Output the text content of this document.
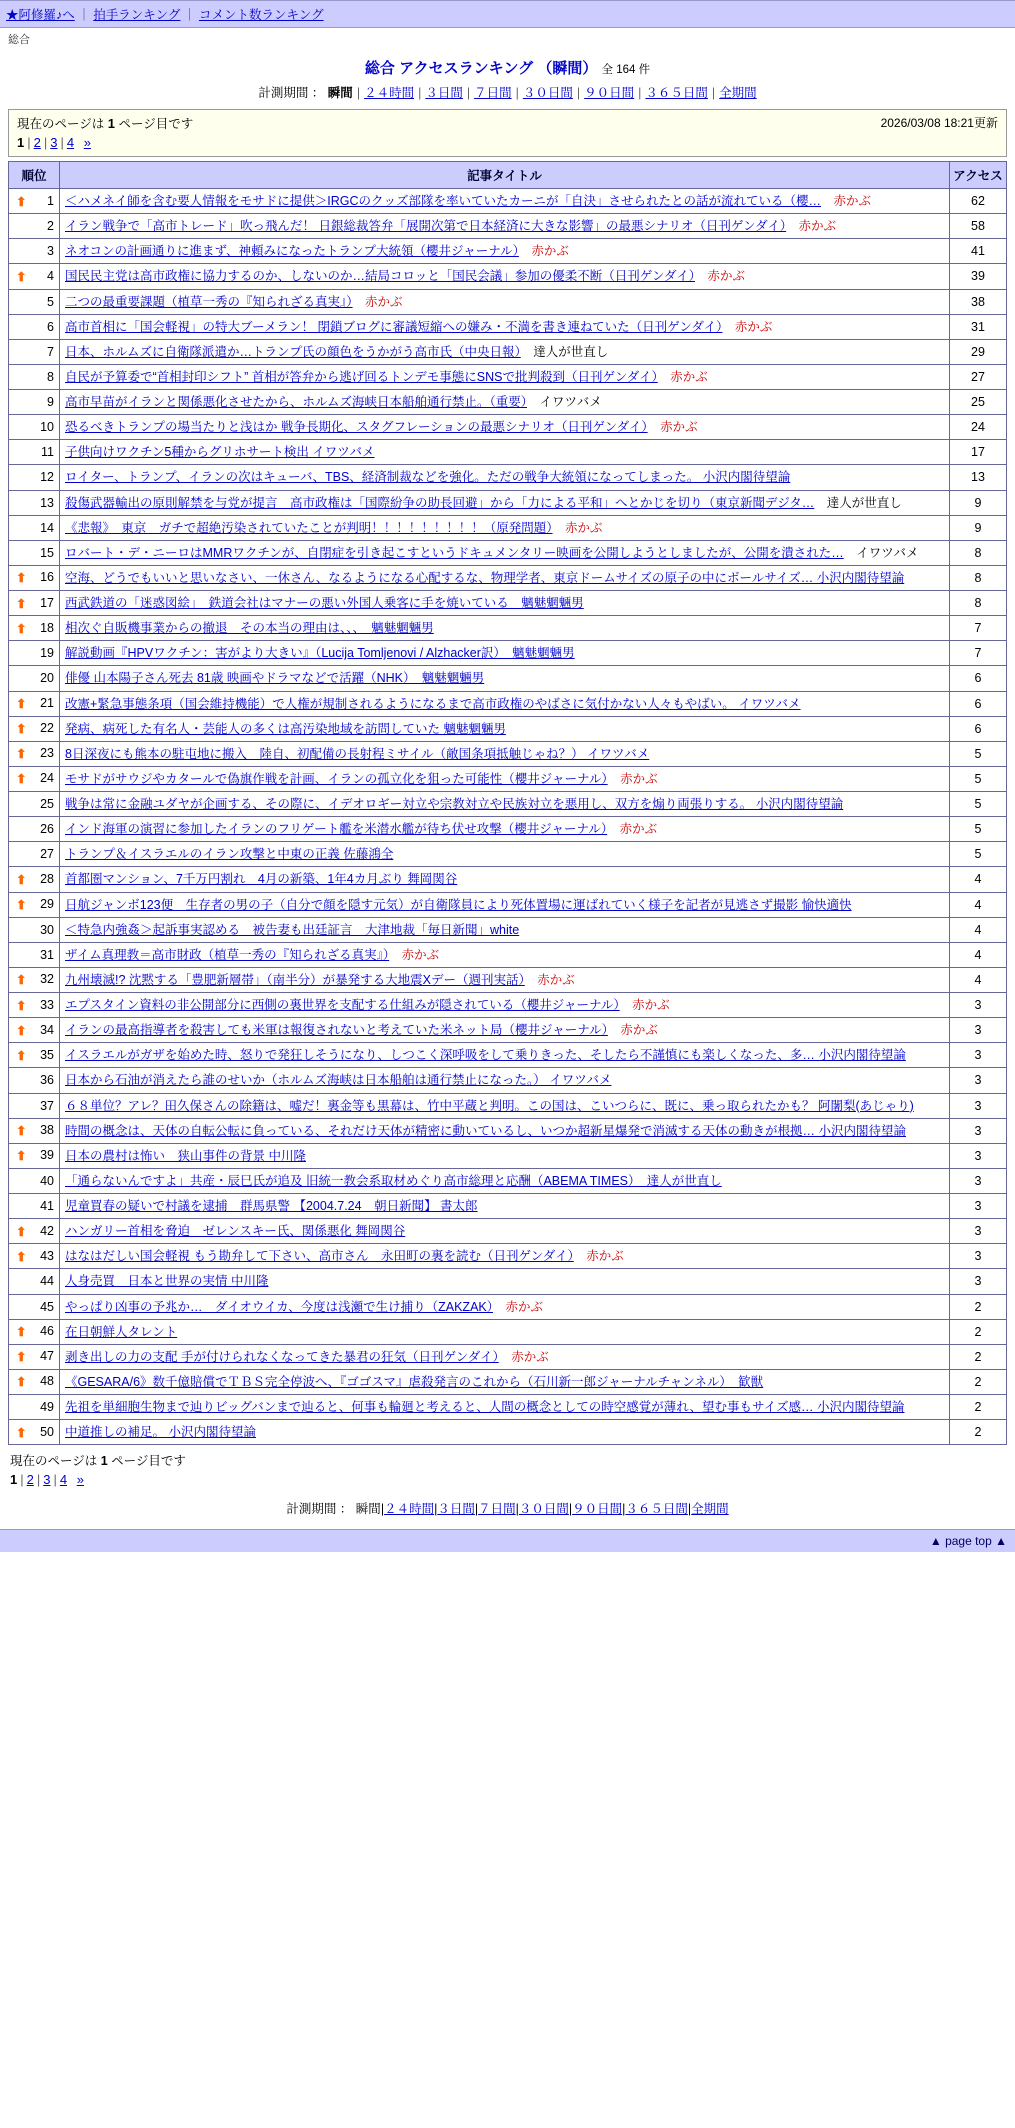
★阿修羅♪へ ｜ 拍手ランキング ｜ コメント数ランキング
総合
総合 アクセスランキング （瞬間） 全 164 件
計測期間 ： 瞬間 | ２４時間 | ３日間 | ７日間 | ３０日間 | ９０日間 | ３６５日間 | 全期間
2026/03/08 18:21更新
現在のページは 1 ページ目です
1 | 2 | 3 | 4 »
順位	記事タイトル	アクセス

⬆ 1	＜ハメネイ師を含む要人情報をモサドに提供＞IRGCのクッズ部隊を率いていたカーニが「自決」させられたとの話が流れている（櫻…　赤かぶ	62
2	イラン戦争で「高市トレード」吹っ飛んだ！ 日銀総裁答弁「展開次第で日本経済に大きな影響」の最悪シナリオ（日刊ゲンダイ）　赤かぶ	58
3	ネオコンの計画通りに進まず、神頼みになったトランプ大統領（櫻井ジャーナル）　赤かぶ	41

⬆ 4	国民民主党は高市政権に協力するのか、しないのか…結局コロッと「国民会議」参加の優柔不断（日刊ゲンダイ）　赤かぶ	39
5	二つの最重要課題（植草一秀の『知られざる真実』）　赤かぶ	38
6	高市首相に「国会軽視」の特大ブーメラン！ 閉鎖ブログに審議短縮への嫌み・不満を書き連ねていた（日刊ゲンダイ）　赤かぶ	31
7	日本、ホルムズに自衛隊派遣か…トランプ氏の顔色をうかがう高市氏（中央日報）　達人が世直し	29
8	自民が予算委で“首相封印シフト” 首相が答弁から逃げ回るトンデモ事態にSNSで批判殺到（日刊ゲンダイ）　赤かぶ	27
9	高市早苗がイランと関係悪化させたから、ホルムズ海峡日本船舶通行禁止。（重要）　イワツバメ	25
10	恐るべきトランプの場当たりと浅はか 戦争長期化、スタグフレーションの最悪シナリオ（日刊ゲンダイ）　赤かぶ	24
11	子供向けワクチン5種からグリホサート検出 イワツバメ	17
12	ロイター、トランプ、イランの次はキューバ、TBS、経済制裁などを強化。ただの戦争大統領になってしまった。 小沢内閣待望論	13
13	殺傷武器輸出の原則解禁を与党が提言　高市政権は「国際紛争の助長回避」から「力による平和」へとかじを切り（東京新聞デジタ…　達人が世直し	9
14	《悲報》　東京　ガチで超絶汚染されていたことが判明！！！！！！！！！（原発問題）　赤かぶ	9
15	ロバート・デ・ニーロはMMRワクチンが、自閉症を引き起こすというドキュメンタリー映画を公開しようとしましたが、公開を潰された…　イワツバメ	8

⬆ 16	空海、どうでもいいと思いなさい、一休さん、なるようになる心配するな、物理学者、東京ドームサイズの原子の中にボールサイズ… 小沢内閣待望論	8

⬆ 17	西武鉄道の「迷惑図絵」　鉄道会社はマナーの悪い外国人乗客に手を焼いている　魑魅魍魎男	8

⬆ 18	相次ぐ自販機事業からの撤退　その本当の理由は、、、　魑魅魍魎男	7
19	解説動画『HPVワクチン：害がより大きい』（Lucija Tomljenovi / Alzhacker訳）　魑魅魍魎男	7
20	俳優 山本陽子さん死去 81歳 映画やドラマなどで活躍（NHK）　魑魅魍魎男	6

⬆ 21	改憲+緊急事態条項（国会維持機能）で人権が規制されるようになるまで高市政権のやばさに気付かない人々もやばい。 イワツバメ	6

⬆ 22	発病、病死した有名人・芸能人の多くは高汚染地域を訪問していた 魑魅魍魎男	6

⬆ 23	8日深夜にも熊本の駐屯地に搬入　陸自、初配備の長射程ミサイル（敵国条項抵触じゃね？） イワツバメ	5

⬆ 24	モサドがサウジやカタールで偽旗作戦を計画、イランの孤立化を狙った可能性（櫻井ジャーナル）　赤かぶ	5
25	戦争は常に金融ユダヤが企画する、その際に、イデオロギー対立や宗教対立や民族対立を悪用し、双方を煽り両張りする。 小沢内閣待望論	5
26	インド海軍の演習に参加したイランのフリゲート艦を米潜水艦が待ち伏せ攻撃（櫻井ジャーナル）　赤かぶ	5
27	トランプ＆イスラエルのイラン攻撃と中東の正義 佐藤鴻全	5

⬆ 28	首都圏マンション、7千万円割れ　4月の新築、1年4カ月ぶり 舞岡関谷	4

⬆ 29	日航ジャンボ123便　生存者の男の子（自分で顔を隠す元気）が自衛隊員により死体置場に運ばれていく様子を記者が見逃さず撮影 愉快適快	4
30	＜特急内強姦＞起訴事実認める　被告妻も出廷証言　大津地裁「毎日新聞」white	4
31	ザイム真理教＝高市財政（植草一秀の『知られざる真実』）　赤かぶ	4

⬆ 32	九州壊滅!? 沈黙する「豊肥新層帯」（南半分）が暴発する大地震Xデー（週刊実話）　赤かぶ	4

⬆ 33	エプスタイン資料の非公開部分に西側の裏世界を支配する仕組みが隠されている（櫻井ジャーナル）　赤かぶ	3

⬆ 34	イランの最高指導者を殺害しても米軍は報復されないと考えていた米ネット局（櫻井ジャーナル）　赤かぶ	3

⬆ 35	イスラエルがガザを始めた時、怒りで発狂しそうになり、しつこく深呼吸をして乗りきった、そしたら不謹慎にも楽しくなった、多… 小沢内閣待望論	3
36	日本から石油が消えたら誰のせいか（ホルムズ海峡は日本船舶は通行禁止になった。） イワツバメ	3
37	６８単位？アレ？田久保さんの除籍は、嘘だ！裏金等も黒幕は、竹中平蔵と判明。この国は、こいつらに、既に、乗っ取られたかも？ 阿闍梨(あじゃり)	3

⬆ 38	時間の概念は、天体の自転公転に負っている、それだけ天体が精密に動いているし、いつか超新星爆発で消滅する天体の動きが根拠… 小沢内閣待望論	3

⬆ 39	日本の農村は怖い　狭山事件の背景 中川隆	3
40	「通らないんですよ」共産・辰巳氏が追及 旧統一教会系取材めぐり高市総理と応酬（ABEMA TIMES）　達人が世直し	3
41	児童買春の疑いで村議を逮捕　群馬県警 【2004.7.24　朝日新聞】 書太郎	3

⬆ 42	ハンガリー首相を脅迫　ゼレンスキー氏、関係悪化 舞岡関谷	3

⬆ 43	はなはだしい国会軽視 もう勘弁して下さい、高市さん　永田町の裏を読む（日刊ゲンダイ）　赤かぶ	3
44	人身売買　日本と世界の実情 中川隆	3
45	やっぱり凶事の予兆か…　ダイオウイカ、今度は浅瀬で生け捕り（ZAKZAK）　赤かぶ	2

⬆ 46	在日朝鮮人タレント	2

⬆ 47	剥き出しの力の支配 手が付けられなくなってきた暴君の狂気（日刊ゲンダイ）　赤かぶ	2

⬆ 48	《GESARA/6》数千億賠償でＴＢＳ完全停波へ、『ゴゴスマ』虐殺発言のこれから（石川新一郎ジャーナルチャンネル）　歓獣	2
49	先祖を単細胞生物まで辿りビッグバンまで辿ると、何事も輪廻と考えると、人間の概念としての時空感覚が薄れ、望む事もサイズ感… 小沢内閣待望論	2

⬆ 50	中道推しの補足。 小沢内閣待望論	2
現在のページは 1 ページ目です
1 | 2 | 3 | 4 »
計測期間 ： 瞬間|２４時間|３日間|７日間|３０日間|９０日間|３６５日間|全期間
▲ page top ▲
